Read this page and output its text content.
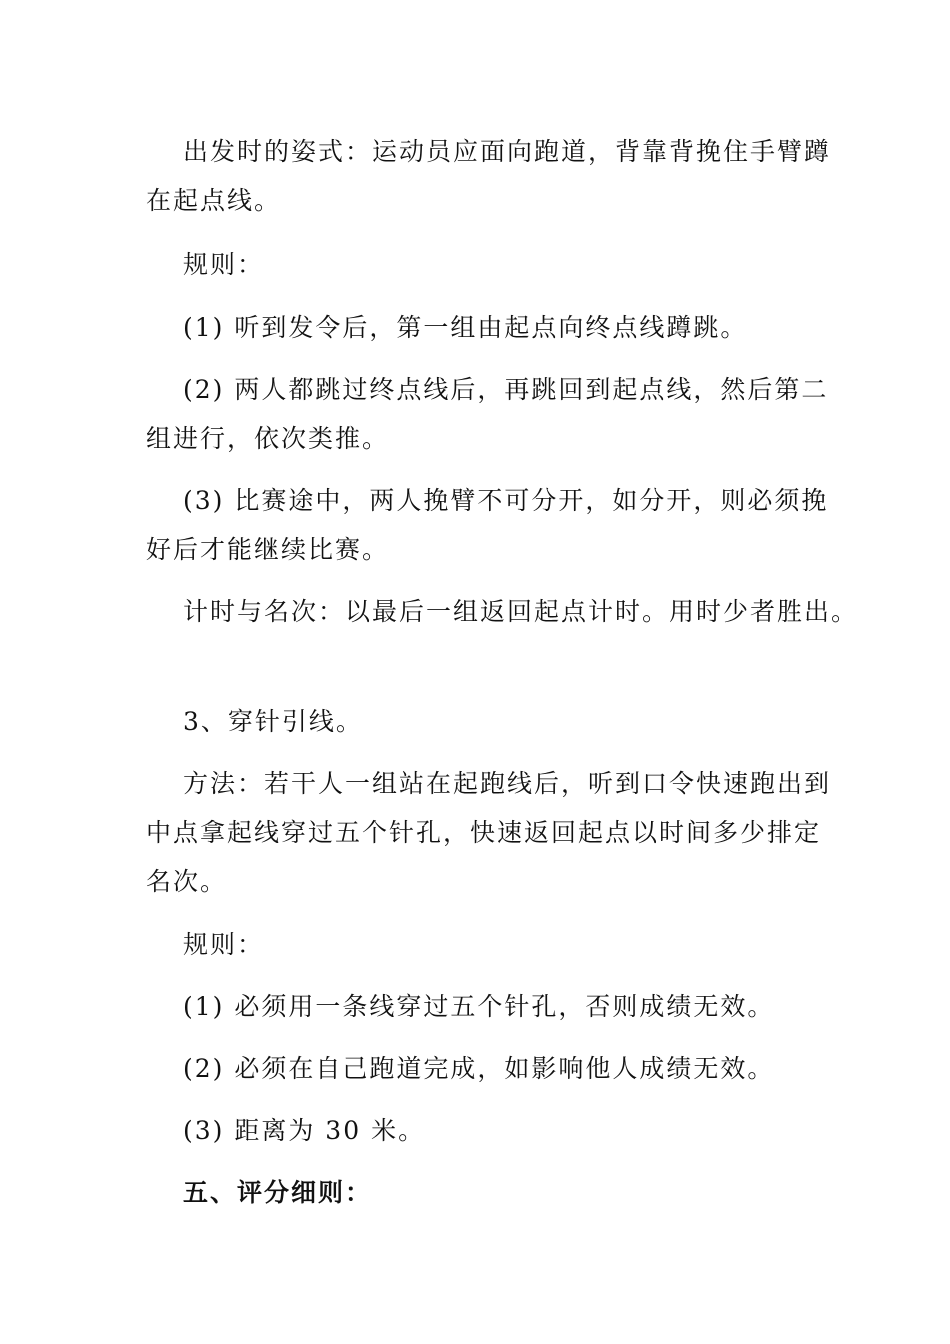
出发时的姿式：运动员应面向跑道，背靠背挽住手臂蹲
在起点线。
规则：
(1) 听到发令后，第一组由起点向终点线蹲跳。
(2) 两人都跳过终点线后，再跳回到起点线，然后第二
组进行，依次类推。
(3) 比赛途中，两人挽臂不可分开，如分开，则必须挽
好后才能继续比赛。
计时与名次：以最后一组返回起点计时。用时少者胜出。
3、穿针引线。
方法：若干人一组站在起跑线后，听到口令快速跑出到
中点拿起线穿过五个针孔，快速返回起点以时间多少排定
名次。
规则：
(1) 必须用一条线穿过五个针孔，否则成绩无效。
(2) 必须在自己跑道完成，如影响他人成绩无效。
(3) 距离为 30 米。
五、评分细则：
